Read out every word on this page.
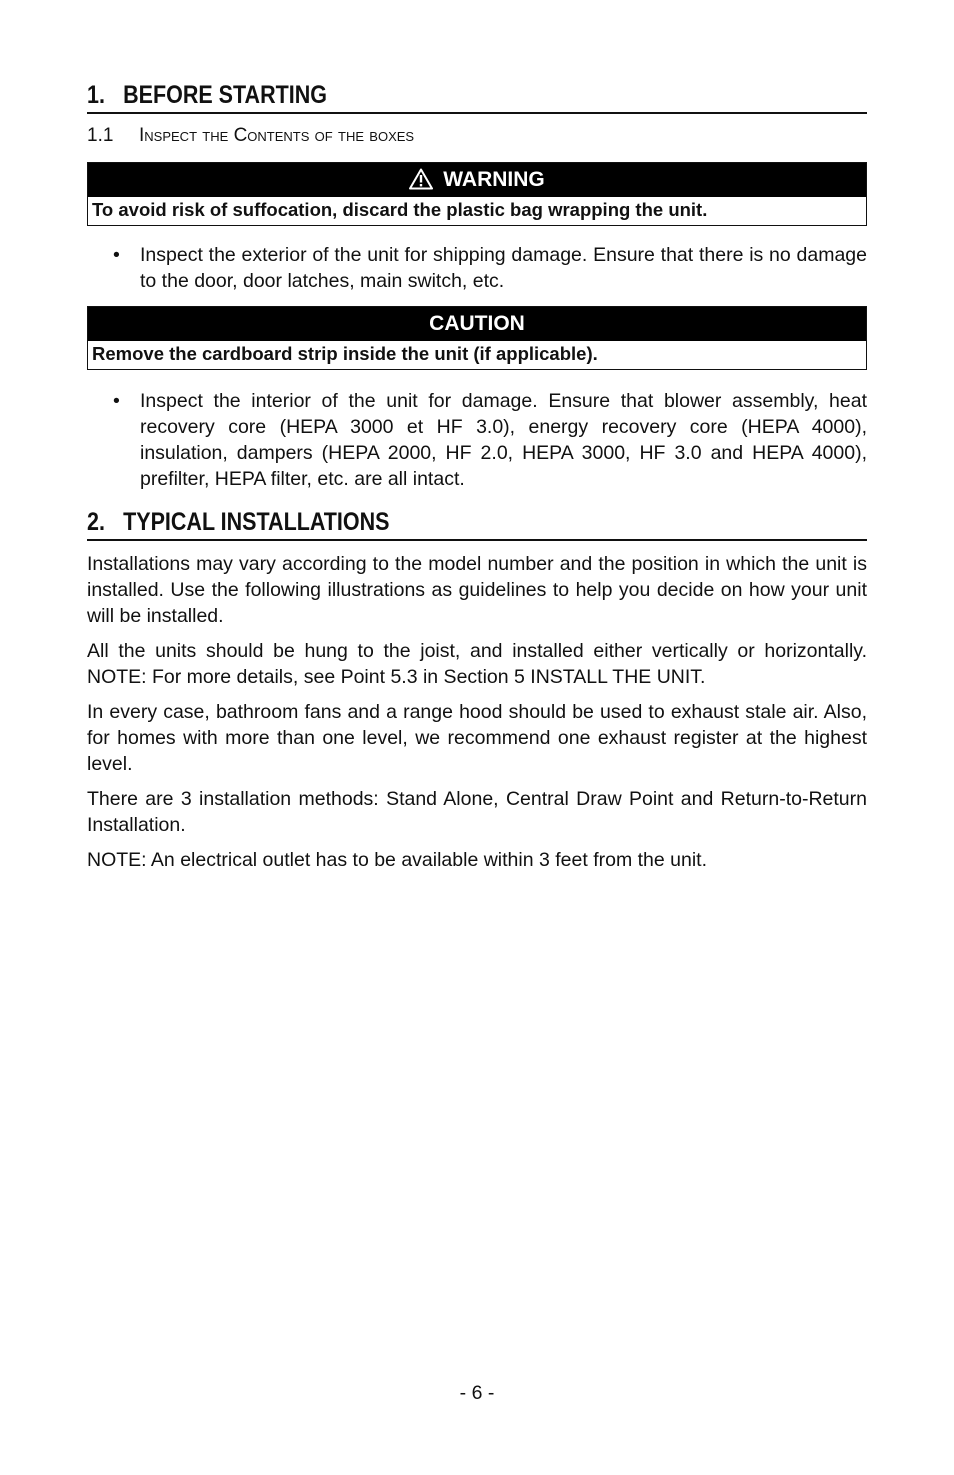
1. BEFORE STARTING
1.1 Inspect the Contents of the boxes
WARNING
To avoid risk of suffocation, discard the plastic bag wrapping the unit.
• Inspect the exterior of the unit for shipping damage. Ensure that there is no damage to the door, door latches, main switch, etc.
CAUTION
Remove the cardboard strip inside the unit (if applicable).
• Inspect the interior of the unit for damage. Ensure that blower assembly, heat recovery core (HEPA 3000 et HF 3.0), energy recovery core (HEPA 4000), insulation, dampers (HEPA 2000, HF 2.0, HEPA 3000, HF 3.0 and HEPA 4000), prefilter, HEPA filter, etc. are all intact.
2. TYPICAL INSTALLATIONS
Installations may vary according to the model number and the position in which the unit is installed. Use the following illustrations as guidelines to help you decide on how your unit will be installed.
All the units should be hung to the joist, and installed either vertically or horizontally. NOTE: For more details, see Point 5.3 in Section 5 INSTALL THE UNIT.
In every case, bathroom fans and a range hood should be used to exhaust stale air. Also, for homes with more than one level, we recommend one exhaust register at the highest level.
There are 3 installation methods: Stand Alone, Central Draw Point and Return-to-Return Installation.
NOTE: An electrical outlet has to be available within 3 feet from the unit.
- 6 -
